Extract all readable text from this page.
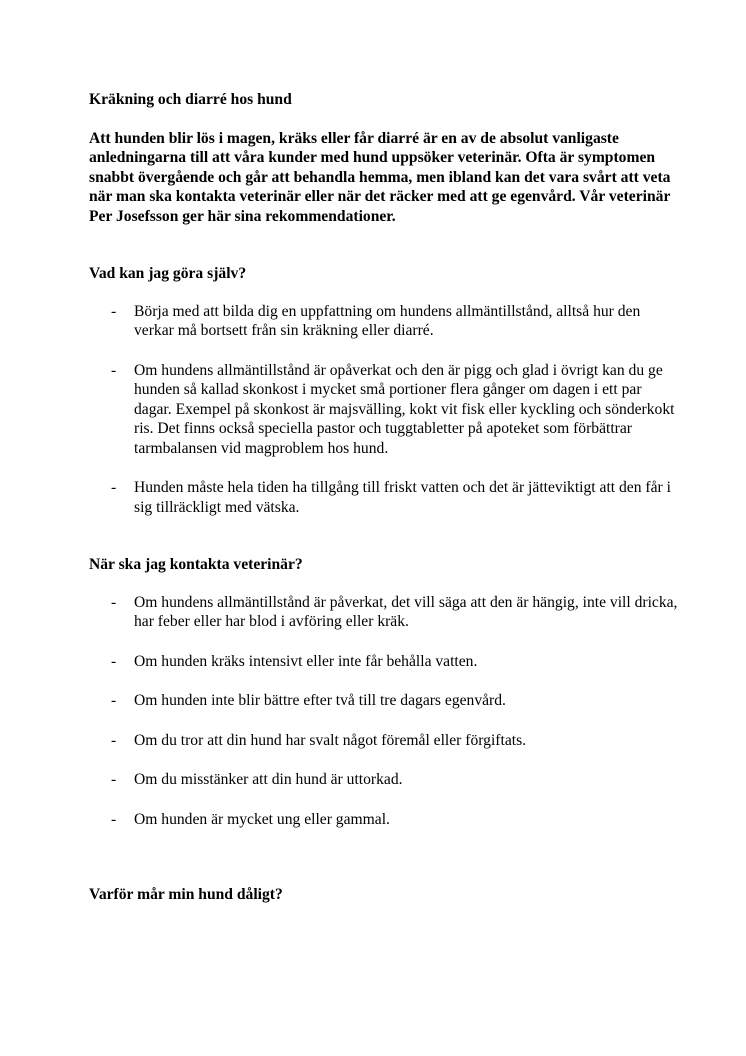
Kräkning och diarré hos hund

Att hunden blir lös i magen, kräks eller får diarré är en av de absolut vanligaste anledningarna till att våra kunder med hund uppsöker veterinär. Ofta är symptomen snabbt övergående och går att behandla hemma, men ibland kan det vara svårt att veta när man ska kontakta veterinär eller när det räcker med att ge egenvård. Vår veterinär Per Josefsson ger här sina rekommendationer.

Vad kan jag göra själv?

- Börja med att bilda dig en uppfattning om hundens allmäntillstånd, alltså hur den verkar må bortsett från sin kräkning eller diarré.
- Om hundens allmäntillstånd är opåverkat och den är pigg och glad i övrigt kan du ge hunden så kallad skonkost i mycket små portioner flera gånger om dagen i ett par dagar. Exempel på skonkost är majsvälling, kokt vit fisk eller kyckling och sönderkokt ris. Det finns också speciella pastor och tuggtabletter på apoteket som förbättrar tarmbalansen vid magproblem hos hund.
- Hunden måste hela tiden ha tillgång till friskt vatten och det är jätteviktigt att den får i sig tillräckligt med vätska.

När ska jag kontakta veterinär?

- Om hundens allmäntillstånd är påverkat, det vill säga att den är hängig, inte vill dricka, har feber eller har blod i avföring eller kräk.
- Om hunden kräks intensivt eller inte får behålla vatten.
- Om hunden inte blir bättre efter två till tre dagars egenvård.
- Om du tror att din hund har svalt något föremål eller förgiftats.
- Om du misstänker att din hund är uttorkad.
- Om hunden är mycket ung eller gammal.

Varför mår min hund dåligt?
